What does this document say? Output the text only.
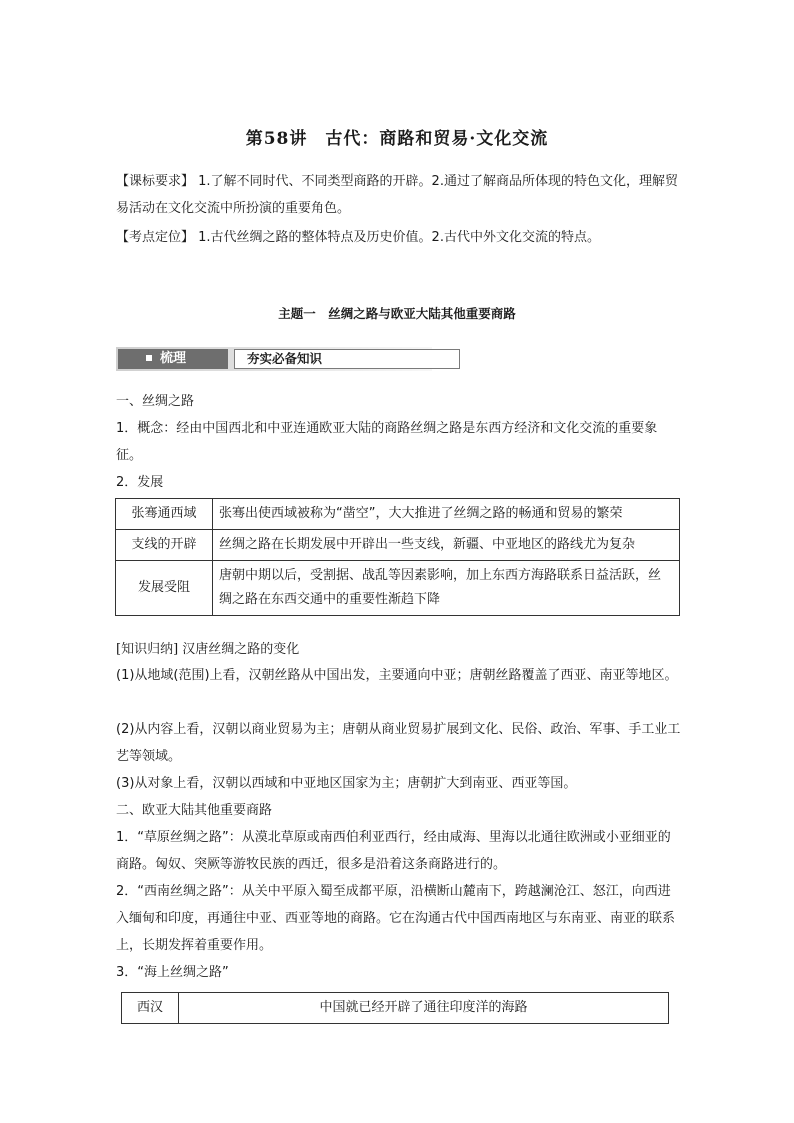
第58讲　古代：商路和贸易·文化交流
【课标要求】 1.了解不同时代、不同类型商路的开辟。2.通过了解商品所体现的特色文化，理解贸易活动在文化交流中所扮演的重要角色。
【考点定位】 1.古代丝绸之路的整体特点及历史价值。2.古代中外文化交流的特点。
主题一　丝绸之路与欧亚大陆其他重要商路
梳理	夯实必备知识
一、丝绸之路
1．概念：经由中国西北和中亚连通欧亚大陆的商路丝绸之路是东西方经济和文化交流的重要象征。
2．发展
张骞通西域	张骞出使西域被称为“凿空”，大大推进了丝绸之路的畅通和贸易的繁荣
支线的开辟	丝绸之路在长期发展中开辟出一些支线，新疆、中亚地区的路线尤为复杂
发展受阻	唐朝中期以后，受割据、战乱等因素影响，加上东西方海路联系日益活跃，丝绸之路在东西交通中的重要性渐趋下降
[知识归纳] 汉唐丝绸之路的变化
(1)从地域(范围)上看，汉朝丝路从中国出发，主要通向中亚；唐朝丝路覆盖了西亚、南亚等地区。
(2)从内容上看，汉朝以商业贸易为主；唐朝从商业贸易扩展到文化、民俗、政治、军事、手工业工艺等领域。
(3)从对象上看，汉朝以西域和中亚地区国家为主；唐朝扩大到南亚、西亚等国。
二、欧亚大陆其他重要商路
1．“草原丝绸之路”：从漠北草原或南西伯利亚西行，经由咸海、里海以北通往欧洲或小亚细亚的商路。匈奴、突厥等游牧民族的西迁，很多是沿着这条商路进行的。
2．“西南丝绸之路”：从关中平原入蜀至成都平原，沿横断山麓南下，跨越澜沧江、怒江，向西进入缅甸和印度，再通往中亚、西亚等地的商路。它在沟通古代中国西南地区与东南亚、南亚的联系上，长期发挥着重要作用。
3．“海上丝绸之路”
西汉	中国就已经开辟了通往印度洋的海路
